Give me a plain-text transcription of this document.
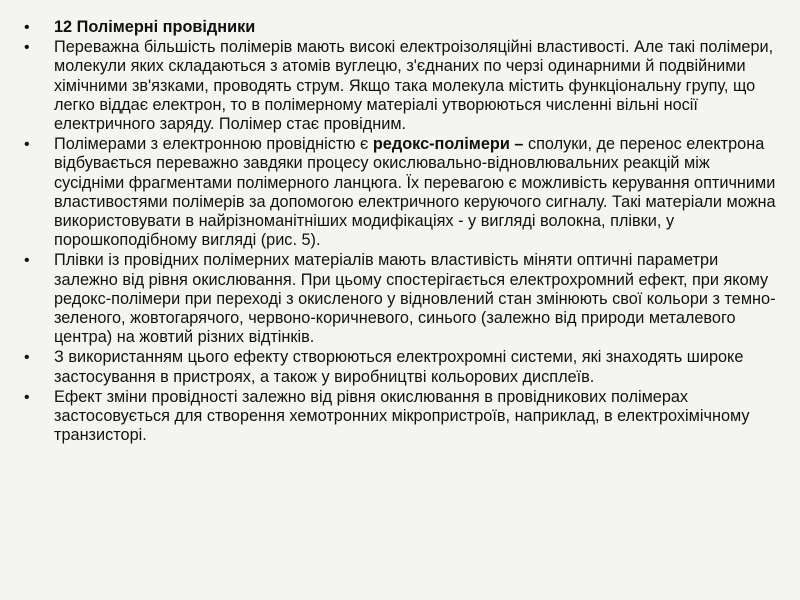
• 12 Полімерні провідники
• Переважна більшість полімерів мають високі електроізоляційні властивості. Але такі полімери, молекули яких складаються з атомів вуглецю, з'єднаних по черзі одинарними й подвійними хімічними зв'язками, проводять струм. Якщо така молекула містить функціональну групу, що легко віддає електрон, то в полімерному матеріалі утворюються численні вільні носії електричного заряду. Полімер стає провідним.
• Полімерами з електронною провідністю є редокс-полімери – сполуки, де перенос електрона відбувається переважно завдяки процесу окислювально-відновлювальних реакцій між сусідніми фрагментами полімерного ланцюга. Їх перевагою є можливість керування оптичними властивостями полімерів за допомогою електричного керуючого сигналу. Такі матеріали можна використовувати в найрізноманітніших модифікаціях - у вигляді волокна, плівки, у порошкоподібному вигляді (рис. 5).
• Плівки із провідних полімерних матеріалів мають властивість міняти оптичні параметри залежно від рівня окислювання. При цьому спостерігається електрохромний ефект, при якому редокс-полімери при переході з окисленого у відновлений стан змінюють свої кольори з темно-зеленого, жовтогарячого, червоно-коричневого, синього (залежно від природи металевого центра) на жовтий різних відтінків.
• З використанням цього ефекту створюються електрохромні системи, які знаходять широке застосування в пристроях, а також у виробництві кольорових дисплеїв.
• Ефект зміни провідності залежно від рівня окислювання в провідникових полімерах застосовується для створення хемотронних мікропристроїв, наприклад, в електрохімічному транзисторі.
